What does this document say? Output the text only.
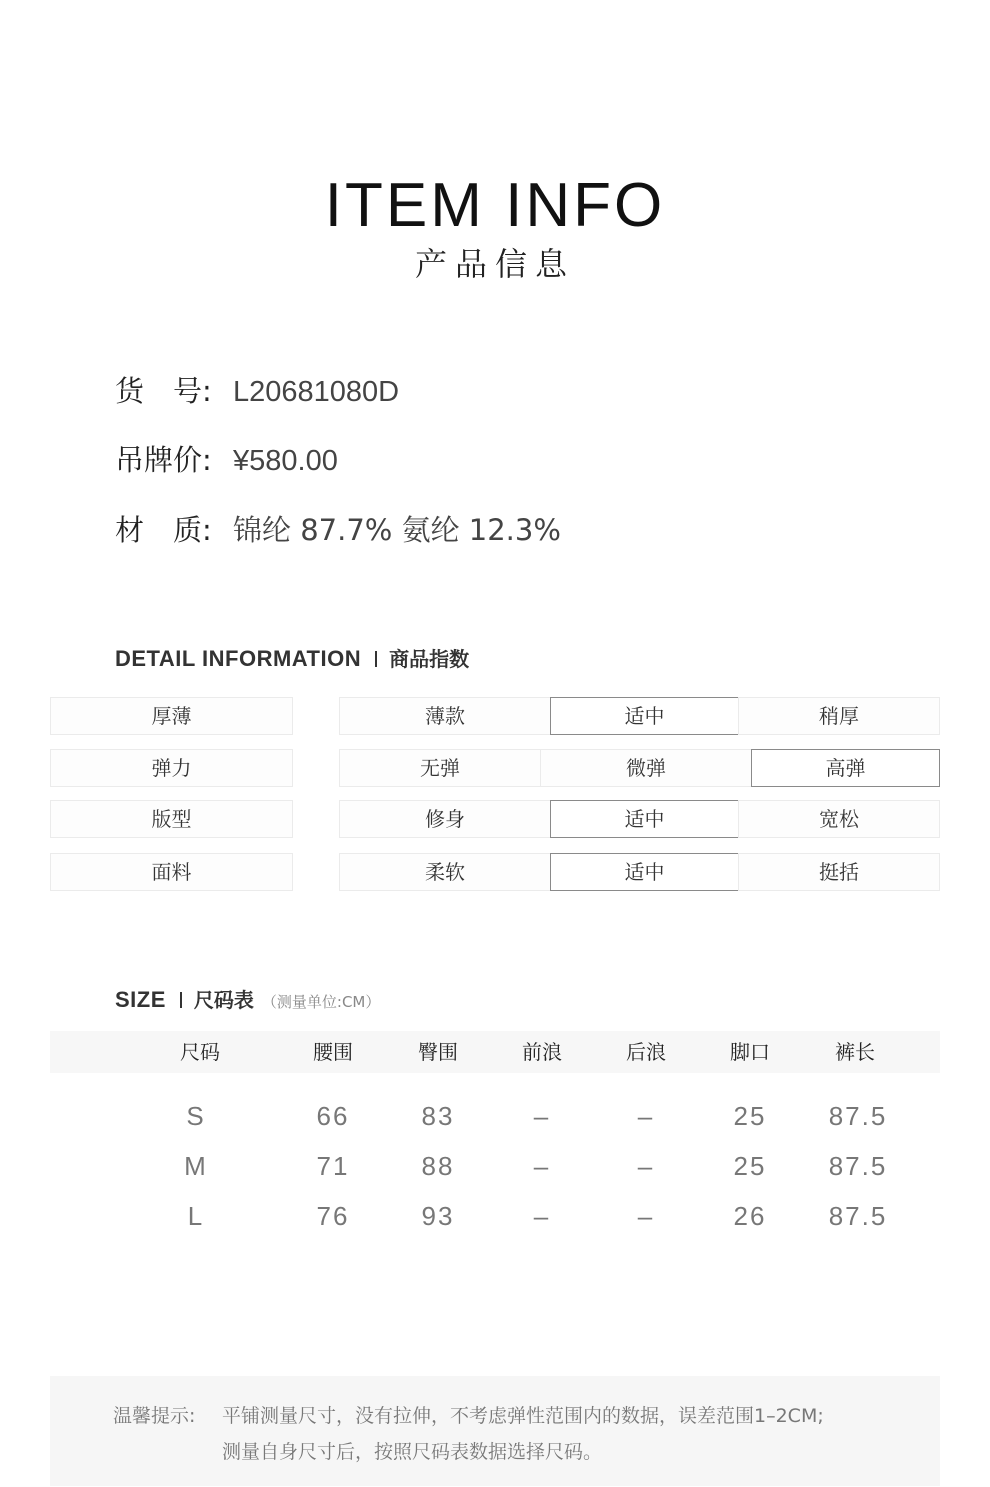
ITEM INFO
产品信息
货　号: L20681080D
吊牌价: ¥580.00
材　质: 锦纶 87.7% 氨纶 12.3%
DETAIL INFORMATION 商品指数
厚薄	薄款	适中	稍厚
弹力	无弹	微弹	高弹
版型	修身	适中	宽松
面料	柔软	适中	挺括
SIZE 尺码表 （测量单位:CM）
尺码	腰围	臀围	前浪	后浪	脚口	裤长
S	66	83	–	–	25	87.5
M	71	88	–	–	25	87.5
L	76	93	–	–	26	87.5
温馨提示: 平铺测量尺寸，没有拉伸，不考虑弹性范围内的数据，误差范围1–2CM;
测量自身尺寸后，按照尺码表数据选择尺码。
